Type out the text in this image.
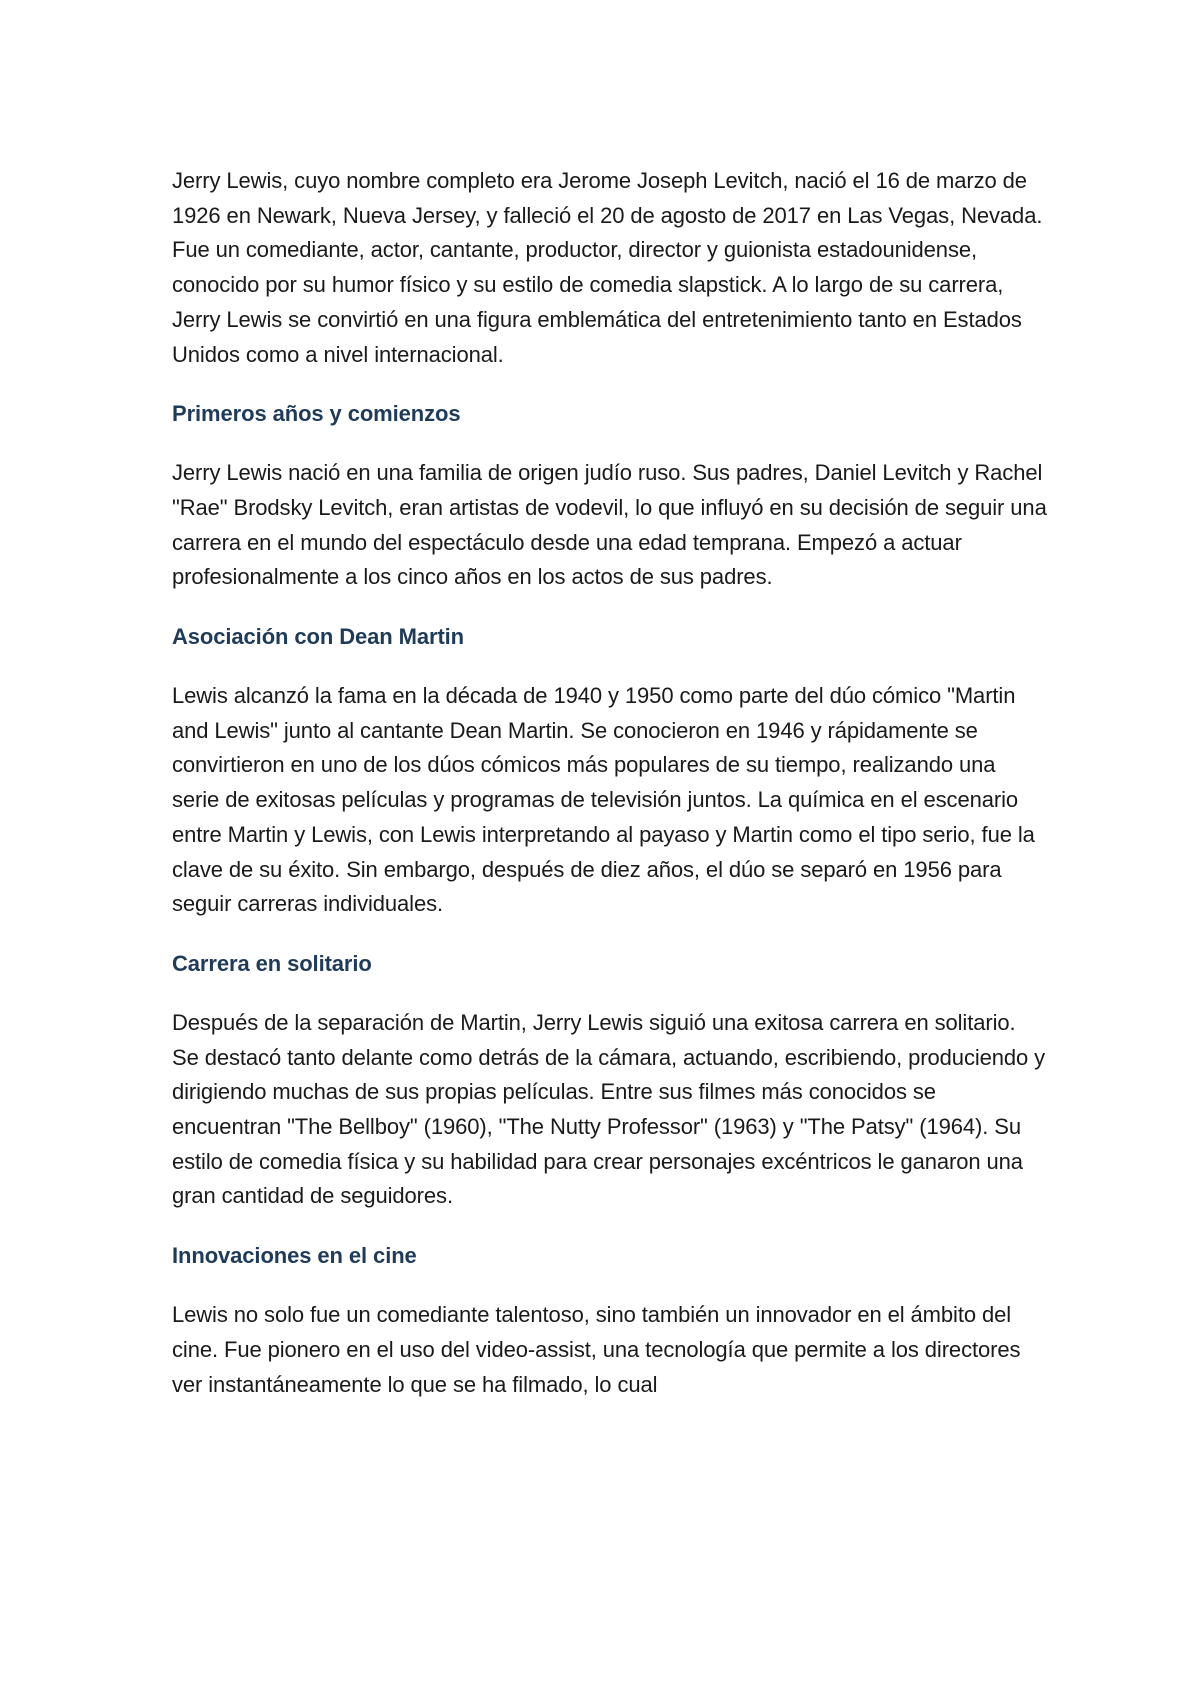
Jerry Lewis, cuyo nombre completo era Jerome Joseph Levitch, nació el 16 de marzo de 1926 en Newark, Nueva Jersey, y falleció el 20 de agosto de 2017 en Las Vegas, Nevada. Fue un comediante, actor, cantante, productor, director y guionista estadounidense, conocido por su humor físico y su estilo de comedia slapstick. A lo largo de su carrera, Jerry Lewis se convirtió en una figura emblemática del entretenimiento tanto en Estados Unidos como a nivel internacional.

Primeros años y comienzos

Jerry Lewis nació en una familia de origen judío ruso. Sus padres, Daniel Levitch y Rachel "Rae" Brodsky Levitch, eran artistas de vodevil, lo que influyó en su decisión de seguir una carrera en el mundo del espectáculo desde una edad temprana. Empezó a actuar profesionalmente a los cinco años en los actos de sus padres.

Asociación con Dean Martin

Lewis alcanzó la fama en la década de 1940 y 1950 como parte del dúo cómico "Martin and Lewis" junto al cantante Dean Martin. Se conocieron en 1946 y rápidamente se convirtieron en uno de los dúos cómicos más populares de su tiempo, realizando una serie de exitosas películas y programas de televisión juntos. La química en el escenario entre Martin y Lewis, con Lewis interpretando al payaso y Martin como el tipo serio, fue la clave de su éxito. Sin embargo, después de diez años, el dúo se separó en 1956 para seguir carreras individuales.

Carrera en solitario

Después de la separación de Martin, Jerry Lewis siguió una exitosa carrera en solitario. Se destacó tanto delante como detrás de la cámara, actuando, escribiendo, produciendo y dirigiendo muchas de sus propias películas. Entre sus filmes más conocidos se encuentran "The Bellboy" (1960), "The Nutty Professor" (1963) y "The Patsy" (1964). Su estilo de comedia física y su habilidad para crear personajes excéntricos le ganaron una gran cantidad de seguidores.

Innovaciones en el cine

Lewis no solo fue un comediante talentoso, sino también un innovador en el ámbito del cine. Fue pionero en el uso del video-assist, una tecnología que permite a los directores ver instantáneamente lo que se ha filmado, lo cual
